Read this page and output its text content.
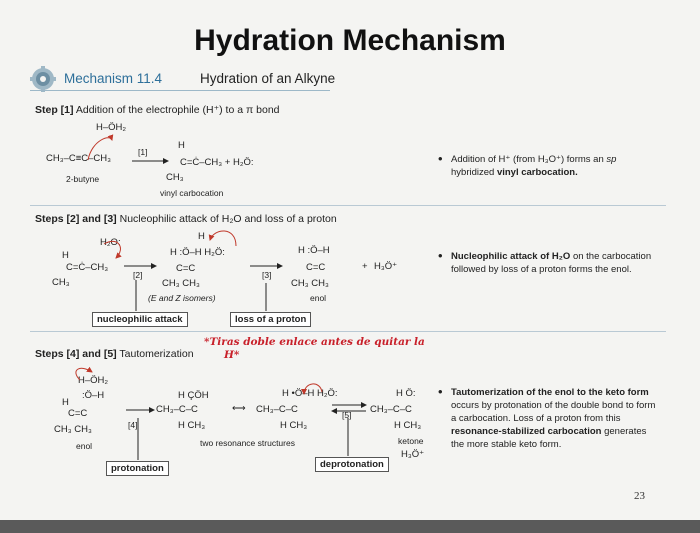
Hydration Mechanism
Mechanism 11.4	Hydration of an Alkyne
Step [1] Addition of the electrophile (H⁺) to a π bond
H–ÖH₂
CH₃–C≡C–CH₃
2-butyne
[1]
H
C=Ċ–CH₃ + H₂Ö:
CH₃
vinyl carbocation
• Addition of H⁺ (from H₃O⁺) forms an sp hybridized vinyl carbocation.
Steps [2] and [3] Nucleophilic attack of H₂O and loss of a proton
H₂O:
H
C=Ċ–CH₃
CH₃
[2]
H
H :Ö–H H₂Ö:
C=C
CH₃ CH₃
(E and Z isomers)
[3]
H :Ö–H
C=C
CH₃ CH₃
+ H₃Ö⁺
enol
nucleophilic attack	loss of a proton
• Nucleophilic attack of H₂O on the carbocation followed by loss of a proton forms the enol.
Steps [4] and [5] Tautomerization
*Tiras doble enlace antes de quitar la
H*
H–ÖH₂
:Ö–H
H
C=C
CH₃ CH₃
enol
[4]
H ÇÖH
CH₃–C–C
H CH₃
⟷
H •Ö–H H₂Ö:
CH₃–C–C
H CH₃
two resonance structures
[5]
H Ö:
CH₃–C–C
H CH₃
ketone
H₃Ö⁺
protonation	deprotonation
• Tautomerization of the enol to the keto form occurs by protonation of the double bond to form a carbocation. Loss of a proton from this resonance-stabilized carbocation generates the more stable keto form.
23
